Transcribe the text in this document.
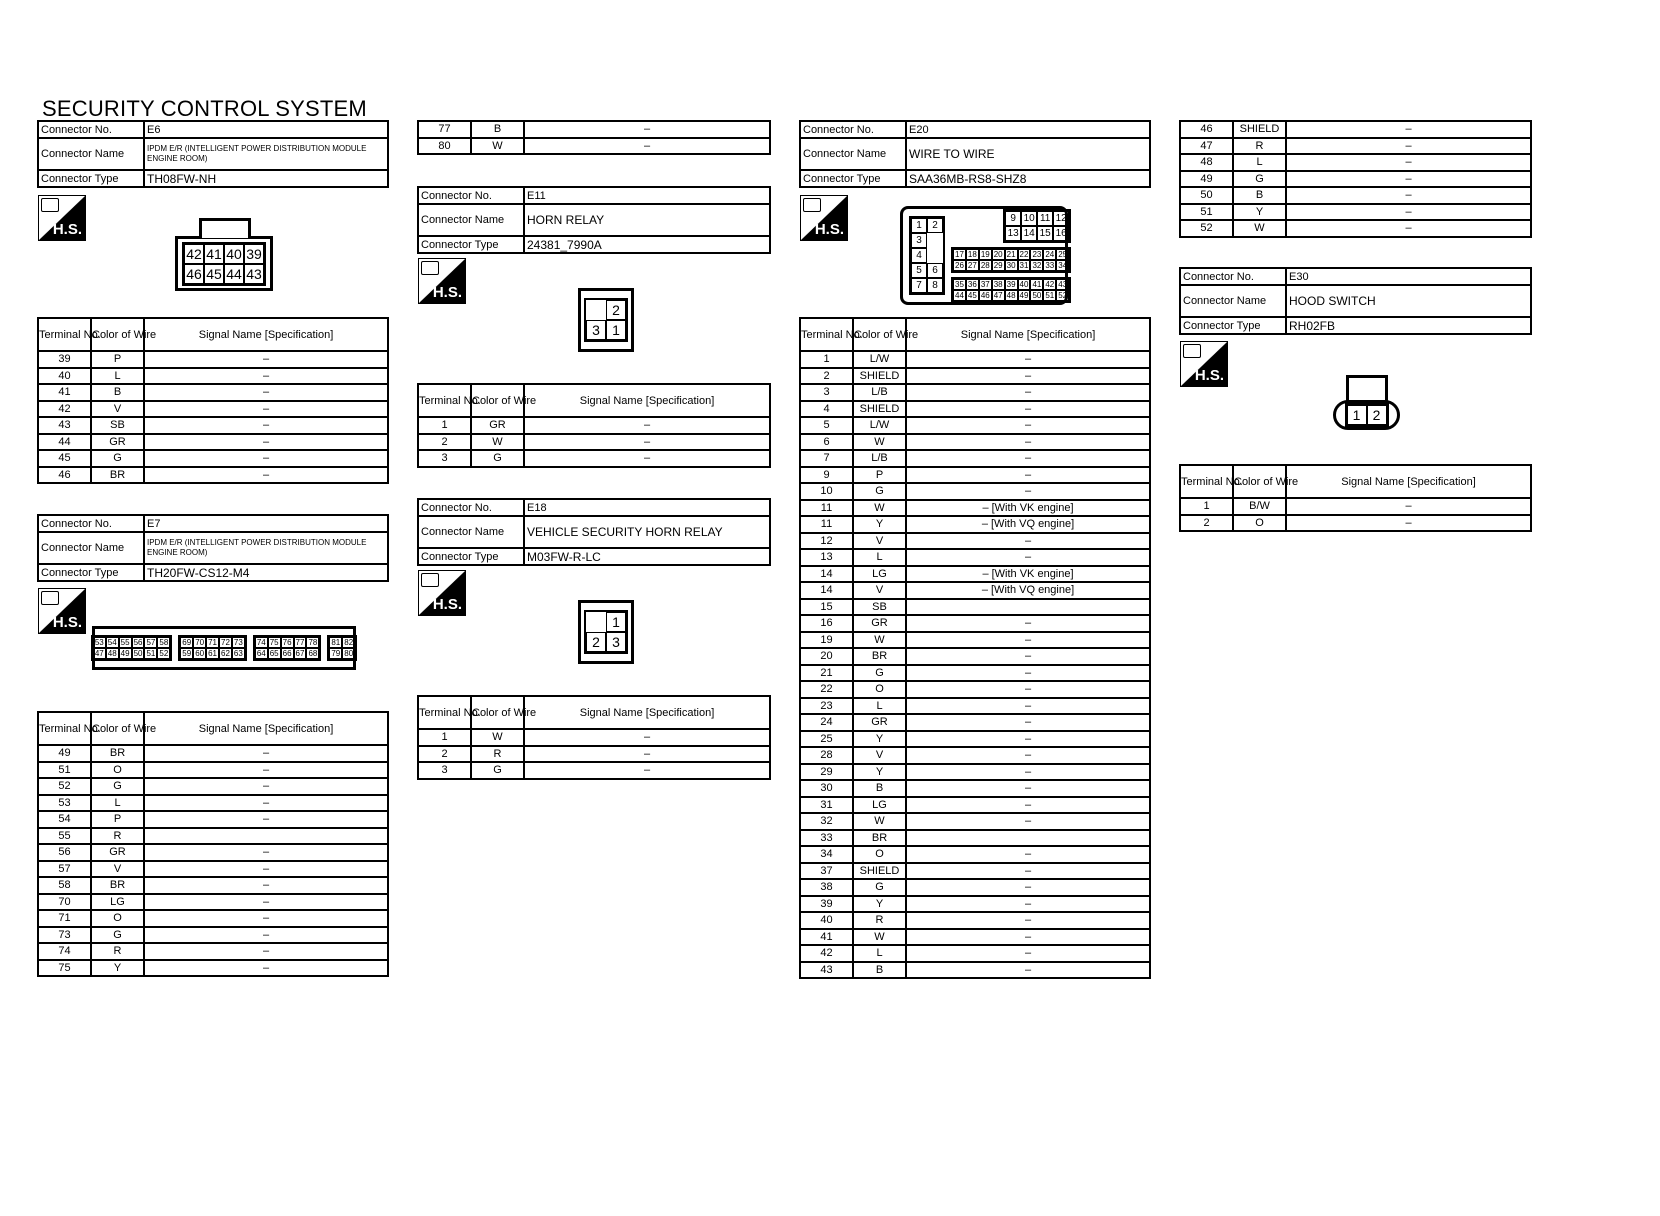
SECURITY CONTROL SYSTEM
Connector No.	E6
Connector Name	IPDM E/R (INTELLIGENT POWER DISTRIBUTION MODULE ENGINE ROOM)
Connector Type	TH08FW-NH
H.S.
42 41 40 39
46 45 44 43
Terminal No.	Color of Wire	Signal Name [Specification]
39	P	–
40	L	–
41	B	–
42	V	–
43	SB	–
44	GR	–
45	G	–
46	BR	–
Connector No.	E7
Connector Name	IPDM E/R (INTELLIGENT POWER DISTRIBUTION MODULE ENGINE ROOM)
Connector Type	TH20FW-CS12-M4
H.S.
53 54 55 56 57 58
47 48 49 50 51 52
69 70 71 72 73
59 60 61 62 63
74 75 76 77 78
64 65 66 67 68
81 82
79 80
Terminal No.	Color of Wire	Signal Name [Specification]
49	BR	–
51	O	–
52	G	–
53	L	–
54	P	–
55	R	
56	GR	–
57	V	–
58	BR	–
70	LG	–
71	O	–
73	G	–
74	R	–
75	Y	–
77	B	–
80	W	–
Connector No.	E11
Connector Name	HORN RELAY
Connector Type	24381_7990A
H.S.
2
3 1
Terminal No.	Color of Wire	Signal Name [Specification]
1	GR	–
2	W	–
3	G	–
Connector No.	E18
Connector Name	VEHICLE SECURITY HORN RELAY
Connector Type	M03FW-R-LC
H.S.
1
2 3
Terminal No.	Color of Wire	Signal Name [Specification]
1	W	–
2	R	–
3	G	–
Connector No.	E20
Connector Name	WIRE TO WIRE
Connector Type	SAA36MB-RS8-SHZ8
H.S.	1	2
3
4
5	6
7	8
9 10 11 12
13 14 15 16
17 18 19 20 21 22 23 24 25
26 27 28 29 30 31 32 33 34
35 36 37 38 39 40 41 42 43
44 45 46 47 48 49 50 51 52
Terminal No.	Color of Wire	Signal Name [Specification]
1	L/W	–
2	SHIELD	–
3	L/B	–
4	SHIELD	–
5	L/W	–
6	W	–
7	L/B	–
9	P	–
10	G	–
11	W	– [With VK engine]
11	Y	– [With VQ engine]
12	V	–
13	L	–
14	LG	– [With VK engine]
14	V	– [With VQ engine]
15	SB	
16	GR	–
19	W	–
20	BR	–
21	G	–
22	O	–
23	L	–
24	GR	–
25	Y	–
28	V	–
29	Y	–
30	B	–
31	LG	–
32	W	–
33	BR	
34	O	–
37	SHIELD	–
38	G	–
39	Y	–
40	R	–
41	W	–
42	L	–
43	B	–
46	SHIELD	–
47	R	–
48	L	–
49	G	–
50	B	–
51	Y	–
52	W	–
Connector No.	E30
Connector Name	HOOD SWITCH
Connector Type	RH02FB
H.S.
1 2
Terminal No.	Color of Wire	Signal Name [Specification]
1	B/W	–
2	O	–
